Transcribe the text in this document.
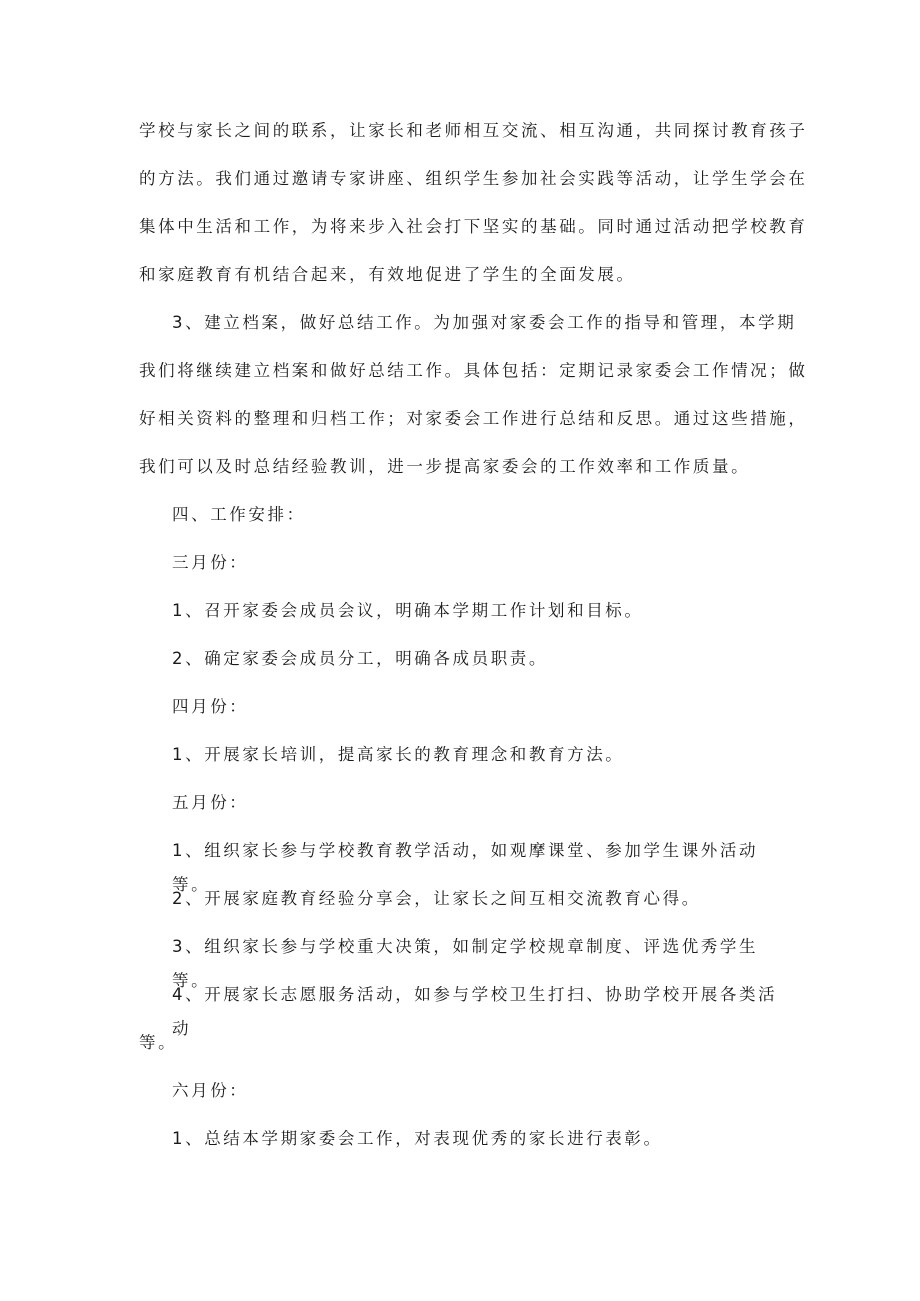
学校与家长之间的联系，让家长和老师相互交流、相互沟通，共同探讨教育孩子
的方法。我们通过邀请专家讲座、组织学生参加社会实践等活动，让学生学会在
集体中生活和工作，为将来步入社会打下坚实的基础。同时通过活动把学校教育
和家庭教育有机结合起来，有效地促进了学生的全面发展。
3、建立档案，做好总结工作。为加强对家委会工作的指导和管理，本学期
我们将继续建立档案和做好总结工作。具体包括：定期记录家委会工作情况；做
好相关资料的整理和归档工作；对家委会工作进行总结和反思。通过这些措施，
我们可以及时总结经验教训，进一步提高家委会的工作效率和工作质量。
四、工作安排：
三月份：
1、召开家委会成员会议，明确本学期工作计划和目标。
2、确定家委会成员分工，明确各成员职责。
四月份：
1、开展家长培训，提高家长的教育理念和教育方法。
五月份：
1、组织家长参与学校教育教学活动，如观摩课堂、参加学生课外活动等。
2、开展家庭教育经验分享会，让家长之间互相交流教育心得。
3、组织家长参与学校重大决策，如制定学校规章制度、评选优秀学生等。
4、开展家长志愿服务活动，如参与学校卫生打扫、协助学校开展各类活动
等。
六月份：
1、总结本学期家委会工作，对表现优秀的家长进行表彰。
